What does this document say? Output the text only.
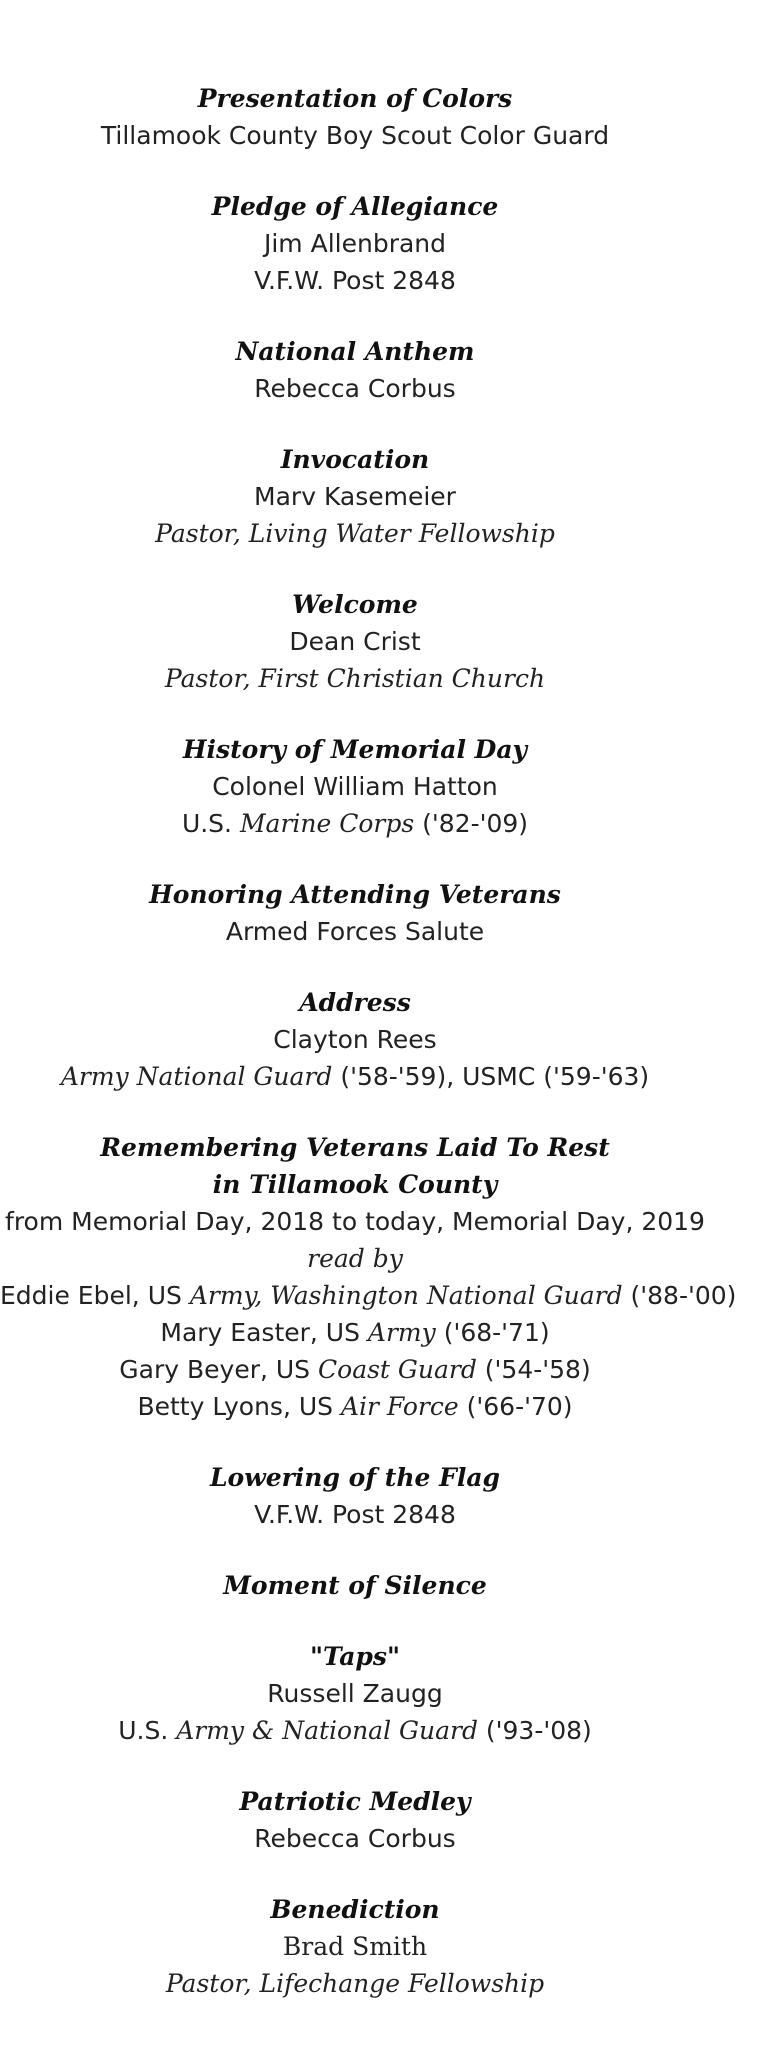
Presentation of Colors
Tillamook County Boy Scout Color Guard
Pledge of Allegiance
Jim Allenbrand
V.F.W. Post 2848
National Anthem
Rebecca Corbus
Invocation
Marv Kasemeier
Pastor, Living Water Fellowship
Welcome
Dean Crist
Pastor, First Christian Church
History of Memorial Day
Colonel William Hatton
U.S. Marine Corps ('82-'09)
Honoring Attending Veterans
Armed Forces Salute
Address
Clayton Rees
Army National Guard ('58-'59), USMC ('59-'63)
Remembering Veterans Laid To Rest
in Tillamook County
from Memorial Day, 2018 to today, Memorial Day, 2019
read by
Eddie Ebel, US Army, Washington National Guard ('88-'00)
Mary Easter, US Army ('68-'71)
Gary Beyer, US Coast Guard ('54-'58)
Betty Lyons, US Air Force ('66-'70)
Lowering of the Flag
V.F.W. Post 2848
Moment of Silence
"Taps"
Russell Zaugg
U.S. Army & National Guard ('93-'08)
Patriotic Medley
Rebecca Corbus
Benediction
Brad Smith
Pastor, Lifechange Fellowship
